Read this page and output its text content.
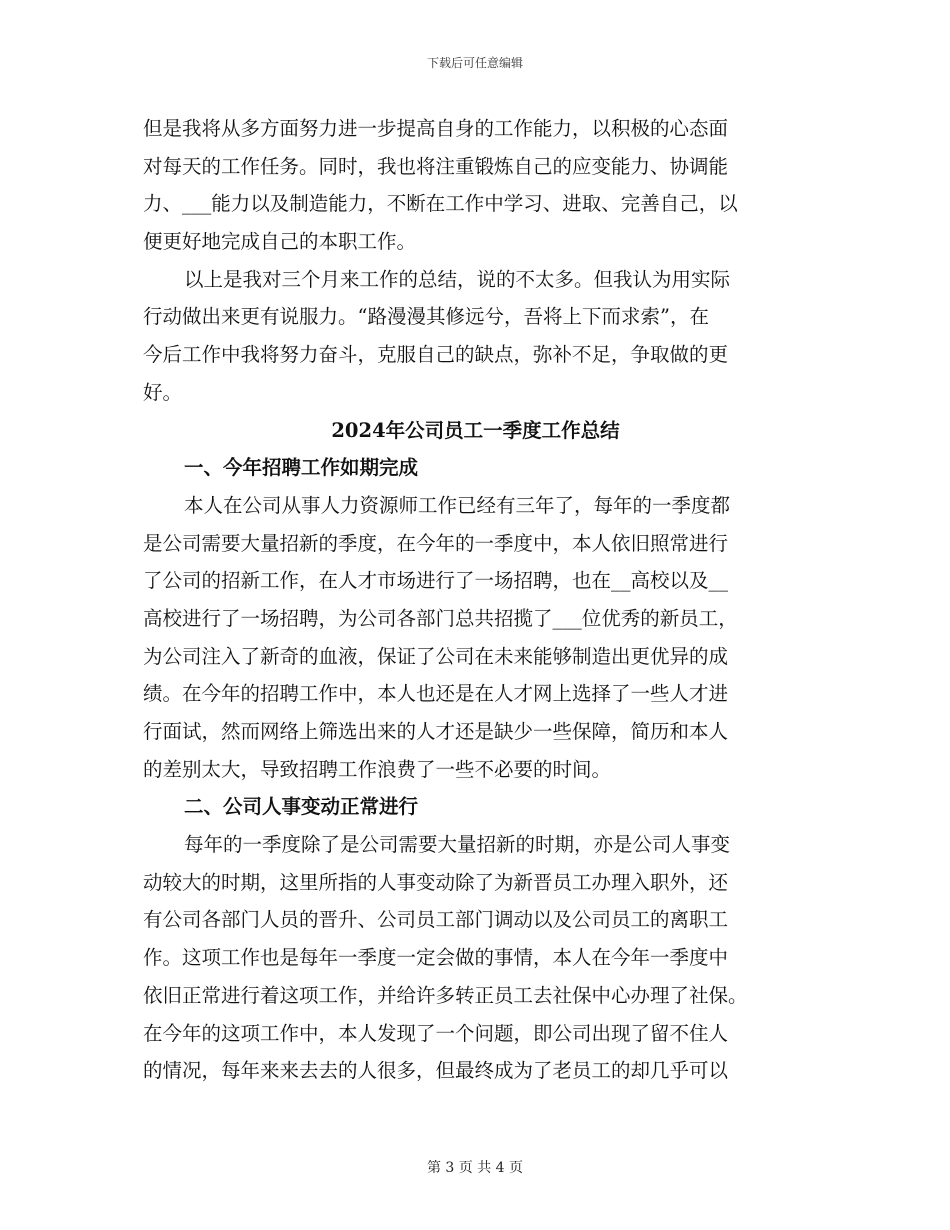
下载后可任意编辑
但是我将从多方面努力进一步提高自身的工作能力，以积极的心态面
对每天的工作任务。同时，我也将注重锻炼自己的应变能力、协调能
力、___能力以及制造能力，不断在工作中学习、进取、完善自己，以
便更好地完成自己的本职工作。
以上是我对三个月来工作的总结，说的不太多。但我认为用实际
行动做出来更有说服力。“路漫漫其修远兮，吾将上下而求索”，在
今后工作中我将努力奋斗，克服自己的缺点，弥补不足，争取做的更
好。
2024年公司员工一季度工作总结
一、今年招聘工作如期完成
本人在公司从事人力资源师工作已经有三年了，每年的一季度都
是公司需要大量招新的季度，在今年的一季度中，本人依旧照常进行
了公司的招新工作，在人才市场进行了一场招聘，也在__高校以及__
高校进行了一场招聘，为公司各部门总共招揽了___位优秀的新员工，
为公司注入了新奇的血液，保证了公司在未来能够制造出更优异的成
绩。在今年的招聘工作中，本人也还是在人才网上选择了一些人才进
行面试，然而网络上筛选出来的人才还是缺少一些保障，简历和本人
的差别太大，导致招聘工作浪费了一些不必要的时间。
二、公司人事变动正常进行
每年的一季度除了是公司需要大量招新的时期，亦是公司人事变
动较大的时期，这里所指的人事变动除了为新晋员工办理入职外，还
有公司各部门人员的晋升、公司员工部门调动以及公司员工的离职工
作。这项工作也是每年一季度一定会做的事情，本人在今年一季度中
依旧正常进行着这项工作，并给许多转正员工去社保中心办理了社保。
在今年的这项工作中，本人发现了一个问题，即公司出现了留不住人
的情况，每年来来去去的人很多，但最终成为了老员工的却几乎可以
第 3 页 共 4 页
